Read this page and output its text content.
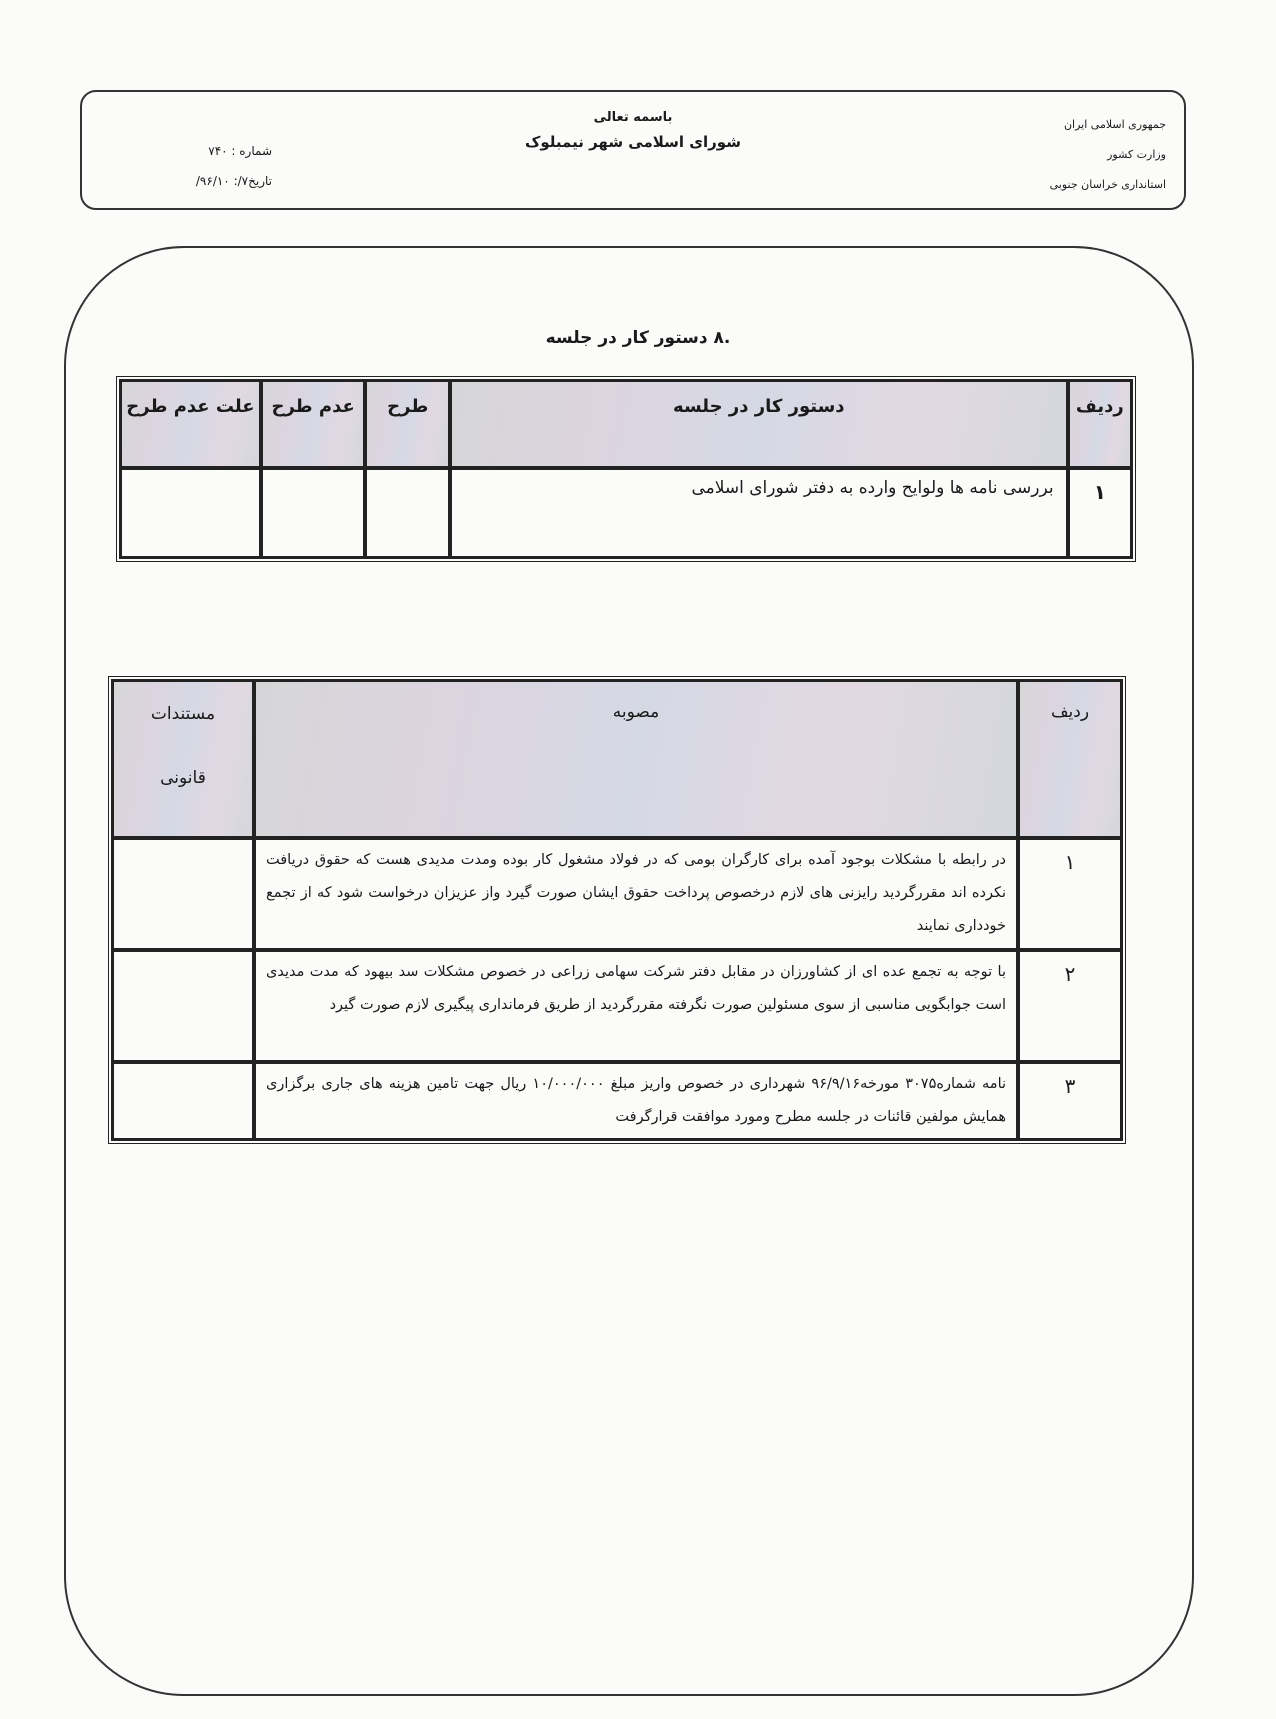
جمهوری اسلامی ایران
وزارت کشور
استانداری خراسان جنوبی
باسمه تعالی
شورای اسلامی شهر نیمبلوک
شماره : ۷۴۰
تاریخ۷/: ۹۶/۱۰/
.۸ دستور کار در جلسه
ردیف	دستور کار در جلسه	طرح	عدم طرح	علت عدم طرح
۱	بررسی نامه ها ولوایح وارده به دفتر شورای اسلامی			
ردیف	مصوبه	مستندات
قانونی

۱	در رابطه با مشکلات بوجود آمده برای کارگران بومی که در فولاد مشغول کار بوده ومدت مدیدی هست که حقوق دریافت نکرده اند مقررگردید رایزنی های لازم درخصوص پرداخت حقوق ایشان صورت گیرد واز عزیزان درخواست شود که از تجمع خودداری نمایند	
۲	با توجه به تجمع عده ای از کشاورزان در مقابل دفتر شرکت سهامی زراعی در خصوص مشکلات سد بیهود که مدت مدیدی است جوابگویی مناسبی از سوی مسئولین صورت نگرفته مقررگردید از طریق فرمانداری پیگیری لازم صورت گیرد	
۳	نامه شماره۳۰۷۵ مورخه۹۶/۹/۱۶ شهرداری در خصوص واریز مبلغ ۱۰/۰۰۰/۰۰۰ ریال جهت تامین هزینه های جاری برگزاری همایش مولفین قائنات در جلسه مطرح ومورد موافقت قرارگرفت	
